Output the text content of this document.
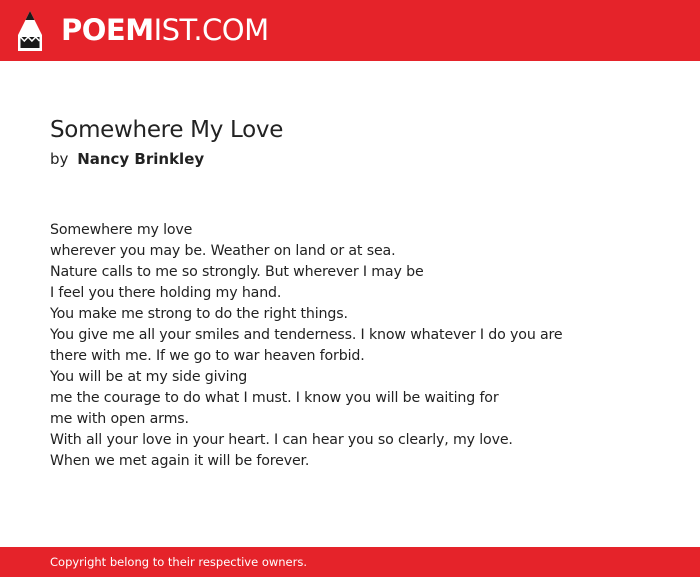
POEMIST.COM
Somewhere My Love
by Nancy Brinkley
Somewhere my love
wherever you may be. Weather on land or at sea.
Nature calls to me so strongly. But wherever I may be
I feel you there holding my hand.
You make me strong to do the right things.
You give me all your smiles and tenderness. I know whatever I do you are
there with me. If we go to war heaven forbid.
You will be at my side giving
me the courage to do what I must. I know you will be waiting for
me with open arms.
With all your love in your heart. I can hear you so clearly, my love.
When we met again it will be forever.
Copyright belong to their respective owners.
